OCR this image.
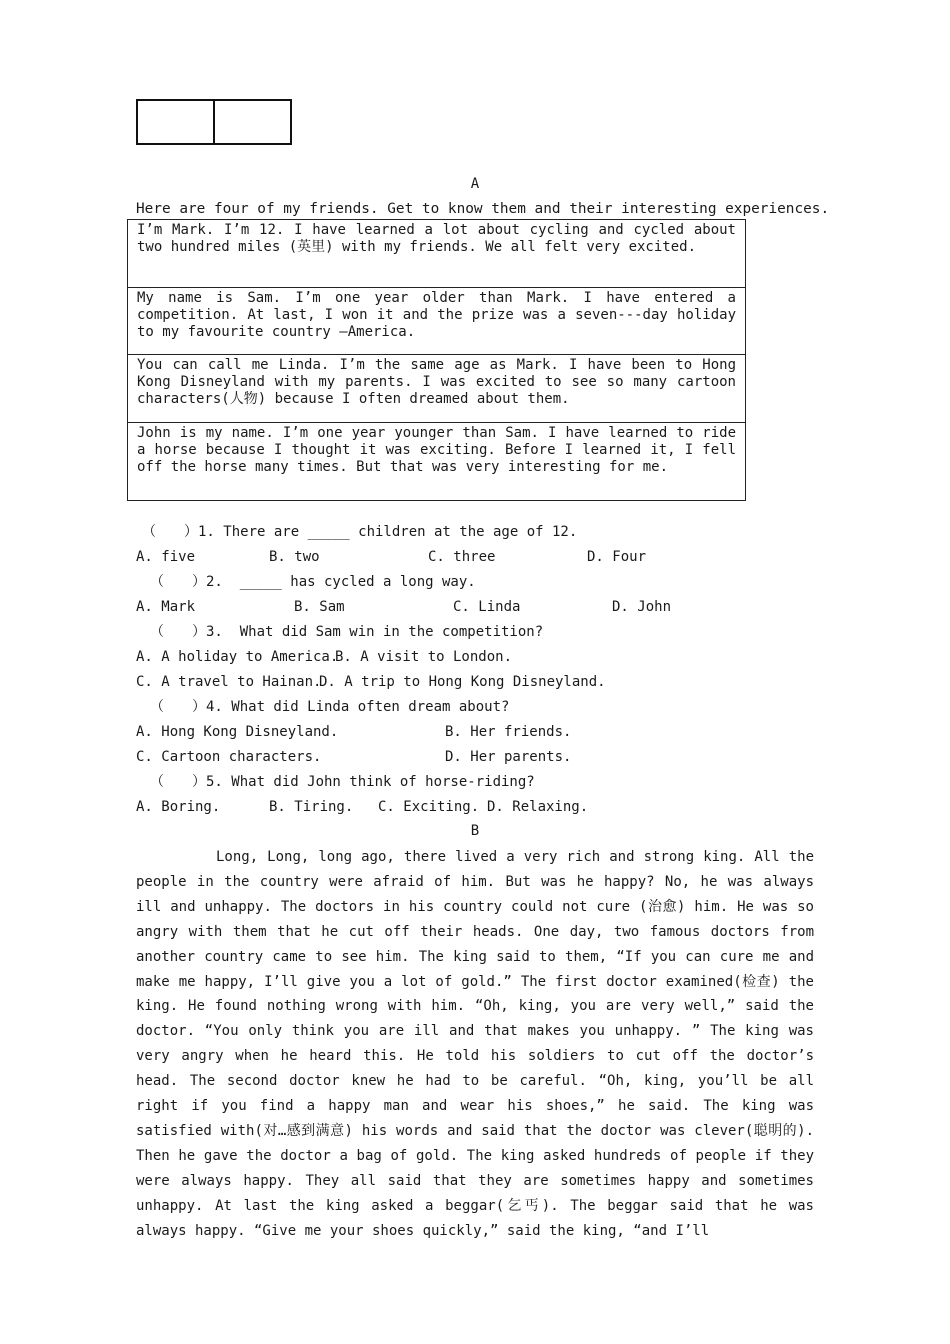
A
Here are four of my friends. Get to know them and their interesting experiences.
I’m Mark. I’m 12. I have learned a lot about cycling and cycled about two hundred miles (英里) with my friends. We all felt very excited.
My name is Sam. I’m one year older than Mark. I have entered a competition. At last, I won it and the prize was a seven---day holiday to my favourite country —America.
You can call me Linda. I’m the same age as Mark. I have been to Hong Kong Disneyland with my parents. I was excited to see so many cartoon characters(人物) because I often dreamed about them.
John is my name. I’m one year younger than Sam. I have learned to ride a horse because I thought it was exciting. Before I learned it, I fell off the horse many times. But that was very interesting for me.
（　　）1. There are _____ children at the age of 12.
A. five	B. two	C. three	D. Four
（　　）2.  _____ has cycled a long way.
A. Mark	B. Sam	C. Linda	D. John
（　　）3.  What did Sam win in the competition?
A. A holiday to America.
B. A visit to London.
C. A travel to Hainan.
D. A trip to Hong Kong Disneyland.
（　　）4. What did Linda often dream about?
A. Hong Kong Disneyland.	B. Her friends.
C. Cartoon characters.	D. Her parents.
（　　）5. What did John think of horse-riding?
A. Boring.	B. Tiring. C. Exciting. D. Relaxing.
B

Long, Long, long ago, there lived a very rich and strong king. All the people in the country were afraid of him. But was he happy? No, he was always ill and unhappy. The doctors in his country could not cure (治愈) him. He was so angry with them that he cut off their heads. One day, two famous doctors from another country came to see him. The king said to them, “If you can cure me and make me happy, I’ll give you a lot of gold.” The first doctor examined(检查) the king. He found nothing wrong with him. “Oh, king, you are very well,” said the doctor. “You only think you are ill and that makes you unhappy. ” The king was very angry when he heard this. He told his soldiers to cut off the doctor’s head. The second doctor knew he had to be careful. “Oh, king, you’ll be all right if you find a happy man and wear his shoes,” he said. The king was satisfied with(对…感到满意) his words and said that the doctor was clever(聪明的). Then he gave the doctor a bag of gold. The king asked hundreds of people if they were always happy. They all said that they are sometimes happy and sometimes unhappy. At last the king asked a beggar(乞丐). The beggar said that he was always happy. “Give me your shoes quickly,” said the king, “and I’ll
